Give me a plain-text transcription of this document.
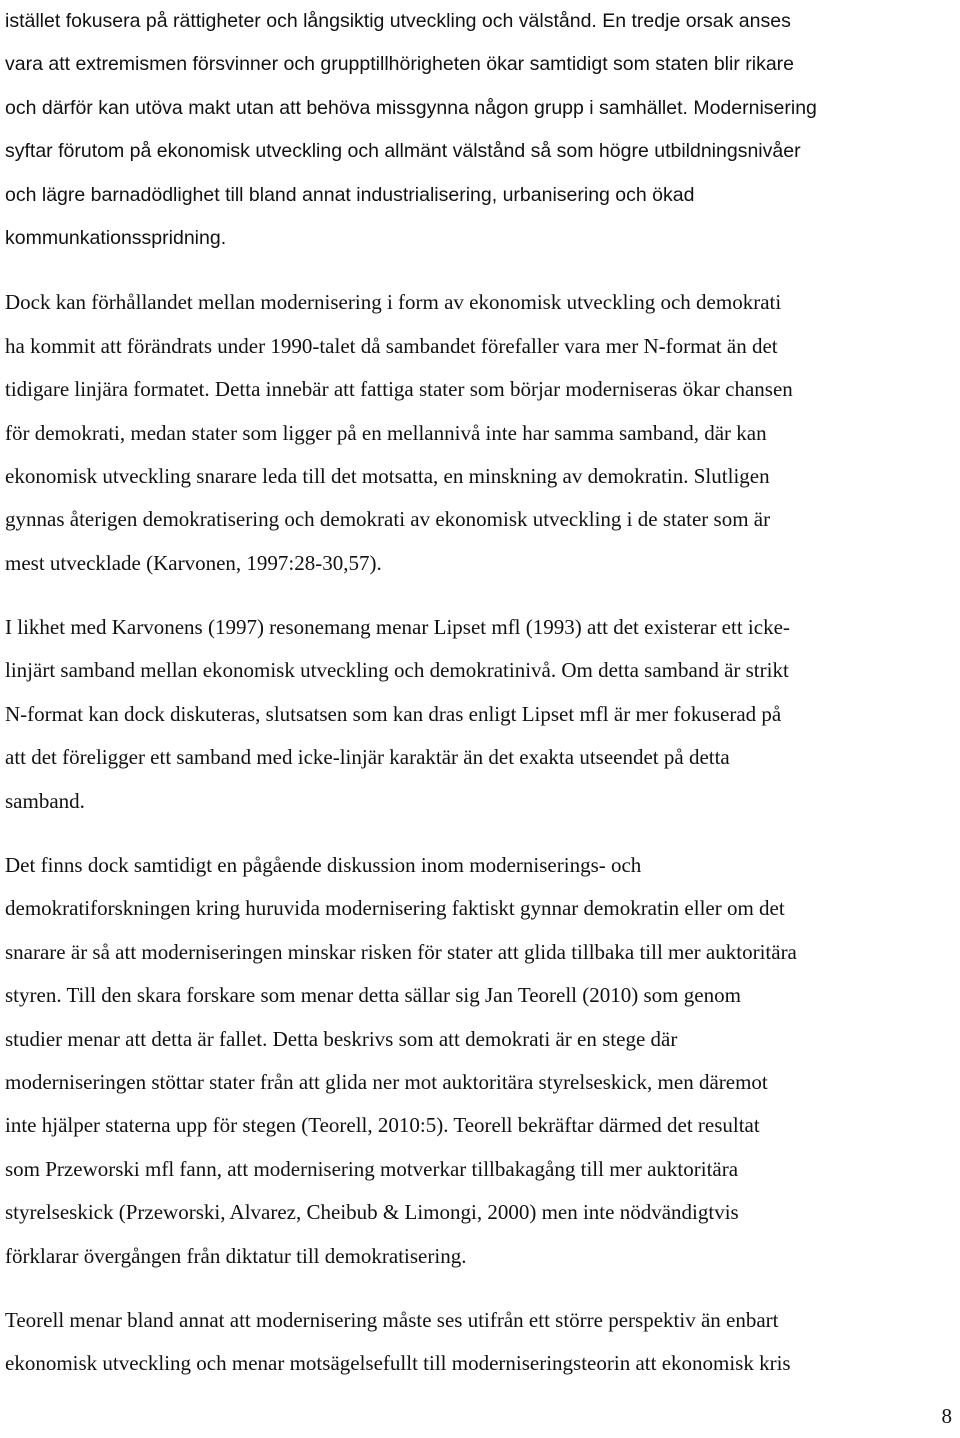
istället fokusera på rättigheter och långsiktig utveckling och välstånd. En tredje orsak anses
vara att extremismen försvinner och grupptillhörigheten ökar samtidigt som staten blir rikare
och därför kan utöva makt utan att behöva missgynna någon grupp i samhället. Modernisering
syftar förutom på ekonomisk utveckling och allmänt välstånd så som högre utbildningsnivåer
och lägre barnadödlighet till bland annat industrialisering, urbanisering och ökad
kommunkationsspridning.
Dock kan förhållandet mellan modernisering i form av ekonomisk utveckling och demokrati
ha kommit att förändrats under 1990-talet då sambandet förefaller vara mer N-format än det
tidigare linjära formatet. Detta innebär att fattiga stater som börjar moderniseras ökar chansen
för demokrati, medan stater som ligger på en mellannivå inte har samma samband, där kan
ekonomisk utveckling snarare leda till det motsatta, en minskning av demokratin. Slutligen
gynnas återigen demokratisering och demokrati av ekonomisk utveckling i de stater som är
mest utvecklade (Karvonen, 1997:28-30,57).
I likhet med Karvonens (1997) resonemang menar Lipset mfl (1993) att det existerar ett icke-
linjärt samband mellan ekonomisk utveckling och demokratinivå. Om detta samband är strikt
N-format kan dock diskuteras, slutsatsen som kan dras enligt Lipset mfl är mer fokuserad på
att det föreligger ett samband med icke-linjär karaktär än det exakta utseendet på detta
samband.
Det finns dock samtidigt en pågående diskussion inom moderniserings- och
demokratiforskningen kring huruvida modernisering faktiskt gynnar demokratin eller om det
snarare är så att moderniseringen minskar risken för stater att glida tillbaka till mer auktoritära
styren. Till den skara forskare som menar detta sällar sig Jan Teorell (2010) som genom
studier menar att detta är fallet. Detta beskrivs som att demokrati är en stege där
moderniseringen stöttar stater från att glida ner mot auktoritära styrelseskick, men däremot
inte hjälper staterna upp för stegen (Teorell, 2010:5). Teorell bekräftar därmed det resultat
som Przeworski mfl fann, att modernisering motverkar tillbakagång till mer auktoritära
styrelseskick (Przeworski, Alvarez, Cheibub & Limongi, 2000) men inte nödvändigtvis
förklarar övergången från diktatur till demokratisering.
Teorell menar bland annat att modernisering måste ses utifrån ett större perspektiv än enbart
ekonomisk utveckling och menar motsägelsefullt till moderniseringsteorin att ekonomisk kris
8
